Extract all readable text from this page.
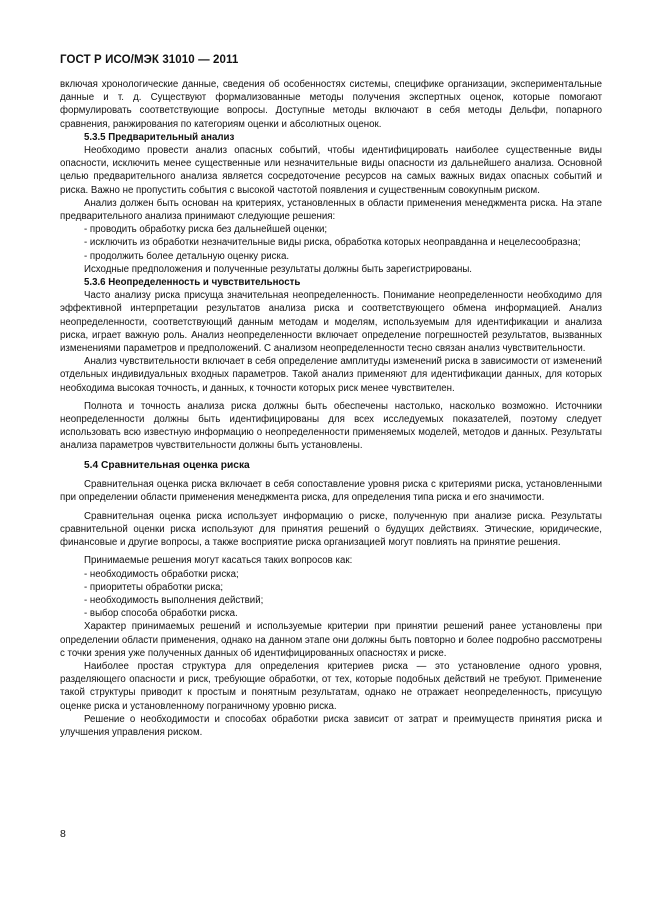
ГОСТ Р ИСО/МЭК 31010 — 2011

включая хронологические данные, сведения об особенностях системы, специфике организации, экспериментальные данные и т. д. Существуют формализованные методы получения экспертных оценок, которые помогают формулировать соответствующие вопросы. Доступные методы включают в себя методы Дельфи, попарного сравнения, ранжирования по категориям оценки и абсолютных оценок.

5.3.5 Предварительный анализ

Необходимо провести анализ опасных событий, чтобы идентифицировать наиболее существенные виды опасности, исключить менее существенные или незначительные виды опасности из дальнейшего анализа. Основной целью предварительного анализа является сосредоточение ресурсов на самых важных видах опасных событий и риска. Важно не пропустить события с высокой частотой появления и существенным совокупным риском.

Анализ должен быть основан на критериях, установленных в области применения менеджмента риска. На этапе предварительного анализа принимают следующие решения:

- проводить обработку риска без дальнейшей оценки;

- исключить из обработки незначительные виды риска, обработка которых неоправданна и нецелесообразна;

- продолжить более детальную оценку риска.

Исходные предположения и полученные результаты должны быть зарегистрированы.

5.3.6 Неопределенность и чувствительность

Часто анализу риска присуща значительная неопределенность. Понимание неопределенности необходимо для эффективной интерпретации результатов анализа риска и соответствующего обмена информацией. Анализ неопределенности, соответствующий данным методам и моделям, используемым для идентификации и анализа риска, играет важную роль. Анализ неопределенности включает определение погрешностей результатов, вызванных изменениями параметров и предположений. С анализом неопределенности тесно связан анализ чувствительности.

Анализ чувствительности включает в себя определение амплитуды изменений риска в зависимости от изменений отдельных индивидуальных входных параметров. Такой анализ применяют для идентификации данных, для которых необходима высокая точность, и данных, к точности которых риск менее чувствителен.

Полнота и точность анализа риска должны быть обеспечены настолько, насколько возможно. Источники неопределенности должны быть идентифицированы для всех исследуемых показателей, поэтому следует использовать всю известную информацию о неопределенности применяемых моделей, методов и данных. Результаты анализа параметров чувствительности должны быть установлены.

5.4 Сравнительная оценка риска

Сравнительная оценка риска включает в себя сопоставление уровня риска с критериями риска, установленными при определении области применения менеджмента риска, для определения типа риска и его значимости.

Сравнительная оценка риска использует информацию о риске, полученную при анализе риска. Результаты сравнительной оценки риска используют для принятия решений о будущих действиях. Этические, юридические, финансовые и другие вопросы, а также восприятие риска организацией могут повлиять на принятие решения.

Принимаемые решения могут касаться таких вопросов как:

- необходимость обработки риска;

- приоритеты обработки риска;

- необходимость выполнения действий;

- выбор способа обработки риска.

Характер принимаемых решений и используемые критерии при принятии решений ранее установлены при определении области применения, однако на данном этапе они должны быть повторно и более подробно рассмотрены с точки зрения уже полученных данных об идентифицированных опасностях и риске.

Наиболее простая структура для определения критериев риска — это установление одного уровня, разделяющего опасности и риск, требующие обработки, от тех, которые подобных действий не требуют. Применение такой структуры приводит к простым и понятным результатам, однако не отражает неопределенность, присущую оценке риска и установленному пограничному уровню риска.

Решение о необходимости и способах обработки риска зависит от затрат и преимуществ принятия риска и улучшения управления риском.

8
